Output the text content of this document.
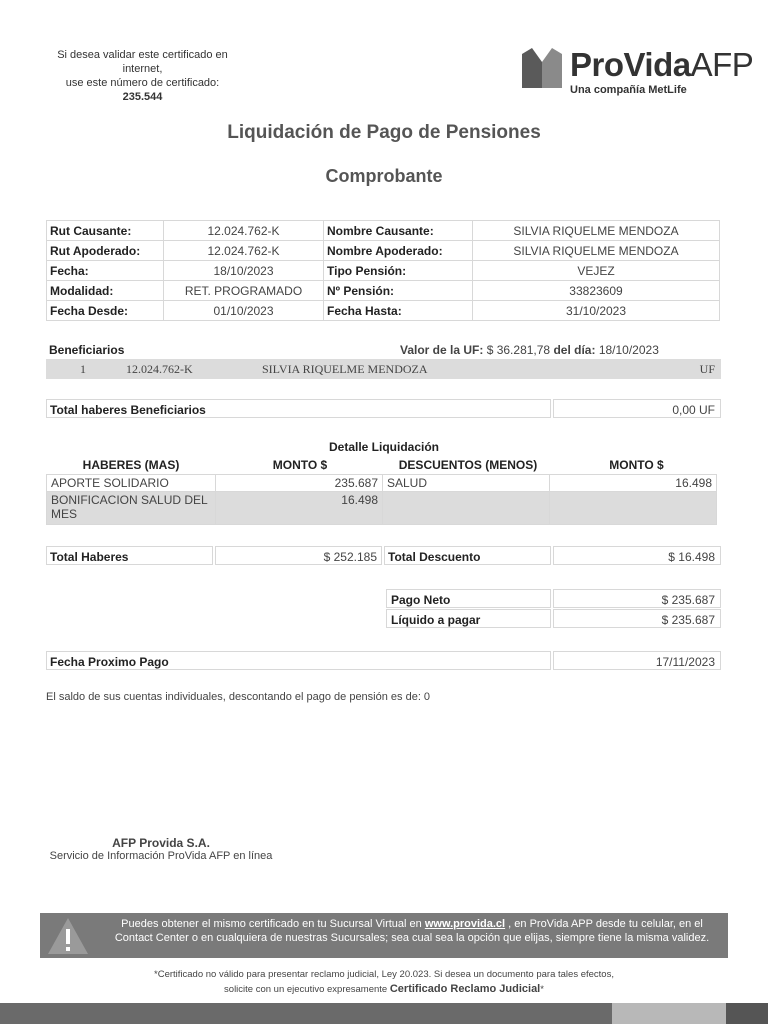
Si desea validar este certificado en
internet,
use este número de certificado:
235.544
ProVidaAFP
Una compañía MetLife
Liquidación de Pago de Pensiones
Comprobante
Rut Causante:	12.024.762-K	Nombre Causante:	SILVIA RIQUELME MENDOZA
Rut Apoderado:	12.024.762-K	Nombre Apoderado:	SILVIA RIQUELME MENDOZA
Fecha:	18/10/2023	Tipo Pensión:	VEJEZ
Modalidad:	RET. PROGRAMADO	Nº Pensión:	33823609
Fecha Desde:	01/10/2023	Fecha Hasta:	31/10/2023
Beneficiarios	Valor de la UF: $ 36.281,78 del día: 18/10/2023
1	12.024.762-K	SILVIA RIQUELME MENDOZA	UF
Total haberes Beneficiarios	0,00 UF
Detalle Liquidación
HABERES (MAS)	MONTO $	DESCUENTOS (MENOS)	MONTO $
APORTE SOLIDARIO	235.687	SALUD	16.498
BONIFICACION SALUD DEL MES	16.498		
Total Haberes	$ 252.185 Total Descuento	$ 16.498
Pago Neto	$ 235.687
Líquido a pagar	$ 235.687
Fecha Proximo Pago	17/11/2023
El saldo de sus cuentas individuales, descontando el pago de pensión es de: 0
AFP Provida S.A.
Servicio de Información ProVida AFP en línea
Puedes obtener el mismo certificado en tu Sucursal Virtual en www.provida.cl , en ProVida APP desde tu celular, en el Contact Center o en cualquiera de nuestras Sucursales; sea cual sea la opción que elijas, siempre tiene la misma validez.
*Certificado no válido para presentar reclamo judicial, Ley 20.023. Si desea un documento para tales efectos,
solicite con un ejecutivo expresamente Certificado Reclamo Judicial*
